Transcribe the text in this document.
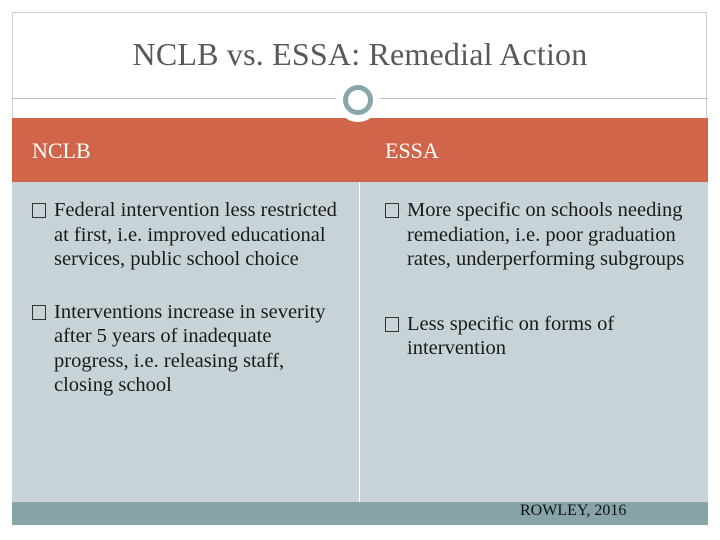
NCLB vs. ESSA: Remedial Action
NCLB	ESSA
Federal intervention less restricted at first, i.e. improved educational services, public school choice
Interventions increase in severity after 5 years of inadequate progress, i.e. releasing staff, closing school
More specific on schools needing remediation, i.e. poor graduation rates, underperforming subgroups
Less specific on forms of intervention
ROWLEY, 2016
